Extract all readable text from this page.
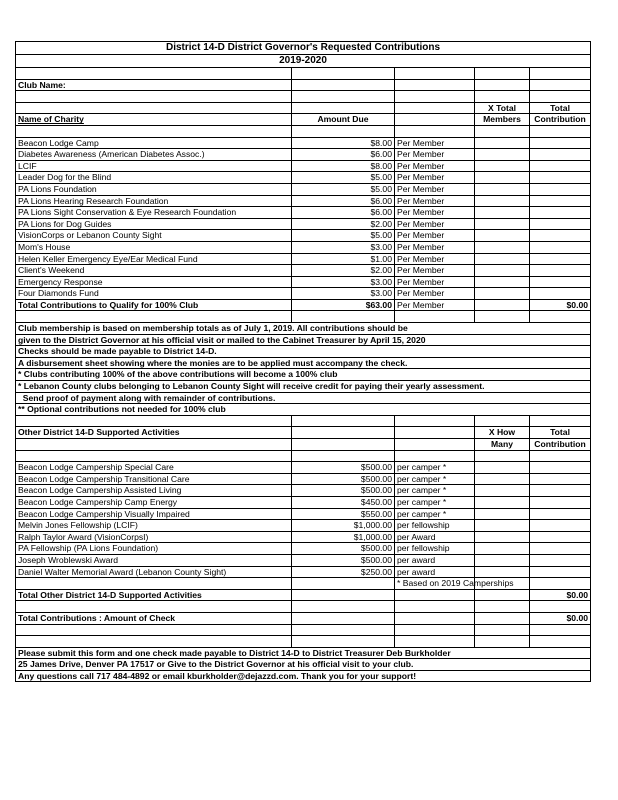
District 14-D District Governor's Requested Contributions				
2019-2020				

Club Name:				

			X Total	Total
Name of Charity	Amount Due		Members	Contribution

Beacon Lodge Camp	$8.00	Per Member		
Diabetes Awareness (American Diabetes Assoc.)	$6.00	Per Member		
LCIF	$8.00	Per Member		
Leader Dog for the Blind	$5.00	Per Member		
PA Lions Foundation	$5.00	Per Member		
PA Lions Hearing Research Foundation	$6.00	Per Member		
PA Lions Sight Conservation & Eye Research Foundation	$6.00	Per Member		
PA Lions for Dog Guides	$2.00	Per Member		
VisionCorps or Lebanon County Sight	$5.00	Per Member		
Mom's House	$3.00	Per Member		
Helen Keller Emergency Eye/Ear Medical Fund	$1.00	Per Member		
Client's Weekend	$2.00	Per Member		
Emergency Response	$3.00	Per Member		
Four Diamonds Fund	$3.00	Per Member		
Total Contributions to Qualify for 100% Club	$63.00	Per Member		$0.00

Club membership is based on membership totals as of July 1, 2019. All contributions should be				
given to the District Governor at his official visit or mailed to the Cabinet Treasurer by April 15, 2020				
Checks should be made payable to District 14-D.				
A disbursement sheet showing where the monies are to be applied must accompany the check.				
* Clubs contributing 100% of the above contributions will become a 100% club				
* Lebanon County clubs belonging to Lebanon County Sight will receive credit for paying their yearly assessment.				
Send proof of payment along with remainder of contributions.				
** Optional contributions not needed for 100% club				

Other District 14-D Supported Activities			X How	Total
			Many	Contribution

Beacon Lodge Campership Special Care	$500.00	per camper *		
Beacon Lodge Campership Transitional Care	$500.00	per camper *		
Beacon Lodge Campership Assisted Living	$500.00	per camper *		
Beacon Lodge Campership Camp Energy	$450.00	per camper *		
Beacon Lodge Campership Visually Impaired	$550.00	per camper *		
Melvin Jones Fellowship (LCIF)	$1,000.00	per fellowship		
Ralph Taylor Award (VisionCorpsI)	$1,000.00	per Award		
PA Fellowship (PA Lions Foundation)	$500.00	per fellowship		
Joseph Wroblewski Award	$500.00	per award		
Daniel Walter Memorial Award (Lebanon County Sight)	$250.00	per award		
		* Based on 2019 Camperships		
Total Other District 14-D Supported Activities				$0.00

Total Contributions : Amount of Check				$0.00

Please submit this form and one check made payable to District 14-D to District Treasurer Deb Burkholder				
25 James Drive, Denver PA 17517 or Give to the District Governor at his official visit to your club.				
Any questions call 717 484-4892 or email kburkholder@dejazzd.com. Thank you for your support!				
